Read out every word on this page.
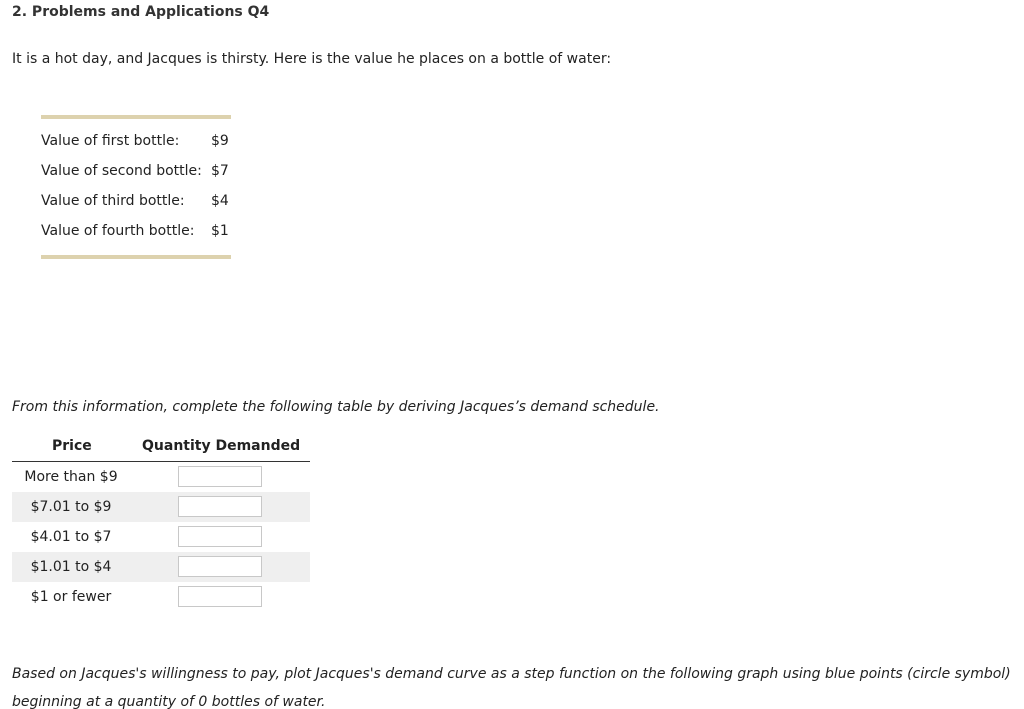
2. Problems and Applications Q4
It is a hot day, and Jacques is thirsty. Here is the value he places on a bottle of water:
Value of first bottle: $9
Value of second bottle: $7
Value of third bottle: $4
Value of fourth bottle: $1
From this information, complete the following table by deriving Jacques’s demand schedule.
Price	Quantity Demanded
More than $9
$7.01 to $9
$4.01 to $7
$1.01 to $4
$1 or fewer
Based on Jacques's willingness to pay, plot Jacques's demand curve as a step function on the following graph using blue points (circle symbol)
beginning at a quantity of 0 bottles of water.
